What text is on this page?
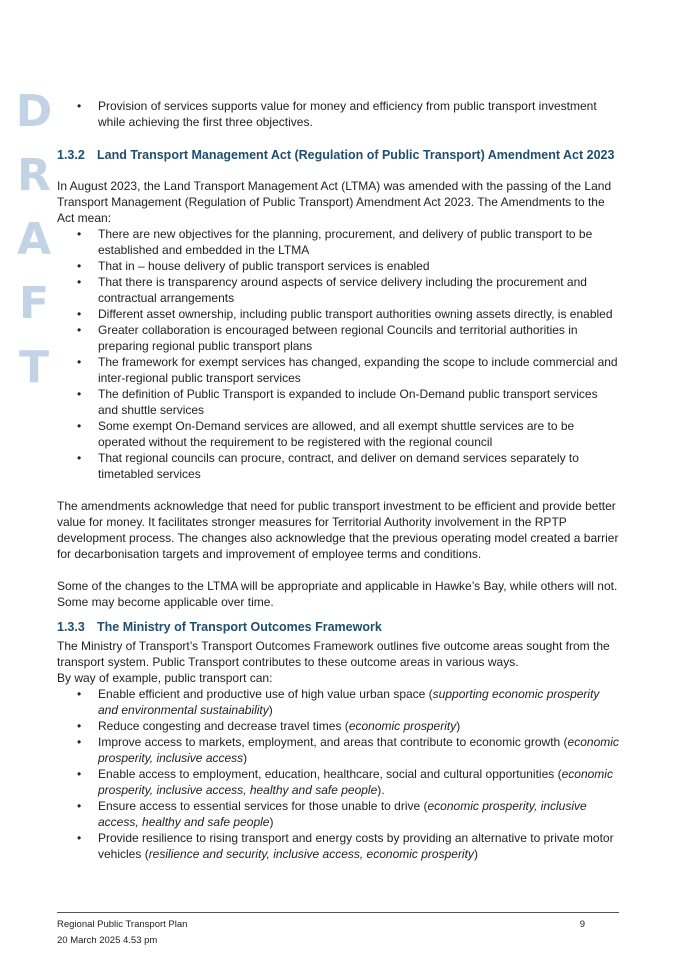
D
R
A
F
T
• Provision of services supports value for money and efficiency from public transport investment while achieving the first three objectives.
1.3.2 Land Transport Management Act (Regulation of Public Transport) Amendment Act 2023

In August 2023, the Land Transport Management Act (LTMA) was amended with the passing of the Land Transport Management (Regulation of Public Transport) Amendment Act 2023. The Amendments to the Act mean:

• There are new objectives for the planning, procurement, and delivery of public transport to be established and embedded in the LTMA
• That in – house delivery of public transport services is enabled
• That there is transparency around aspects of service delivery including the procurement and contractual arrangements
• Different asset ownership, including public transport authorities owning assets directly, is enabled
• Greater collaboration is encouraged between regional Councils and territorial authorities in preparing regional public transport plans
• The framework for exempt services has changed, expanding the scope to include commercial and inter-regional public transport services
• The definition of Public Transport is expanded to include On-Demand public transport services and shuttle services
• Some exempt On-Demand services are allowed, and all exempt shuttle services are to be operated without the requirement to be registered with the regional council
• That regional councils can procure, contract, and deliver on demand services separately to timetabled services

The amendments acknowledge that need for public transport investment to be efficient and provide better value for money. It facilitates stronger measures for Territorial Authority involvement in the RPTP development process. The changes also acknowledge that the previous operating model created a barrier for decarbonisation targets and improvement of employee terms and conditions.

Some of the changes to the LTMA will be appropriate and applicable in Hawke’s Bay, while others will not. Some may become applicable over time.

1.3.3 The Ministry of Transport Outcomes Framework

The Ministry of Transport’s Transport Outcomes Framework outlines five outcome areas sought from the transport system. Public Transport contributes to these outcome areas in various ways.

By way of example, public transport can:

• Enable efficient and productive use of high value urban space (supporting economic prosperity and environmental sustainability)
• Reduce congesting and decrease travel times (economic prosperity)
• Improve access to markets, employment, and areas that contribute to economic growth (economic prosperity, inclusive access)
• Enable access to employment, education, healthcare, social and cultural opportunities (economic prosperity, inclusive access, healthy and safe people).
• Ensure access to essential services for those unable to drive (economic prosperity, inclusive access, healthy and safe people)
• Provide resilience to rising transport and energy costs by providing an alternative to private motor vehicles (resilience and security, inclusive access, economic prosperity)
Regional Public Transport Plan	9
20 March 2025 4.53 pm
